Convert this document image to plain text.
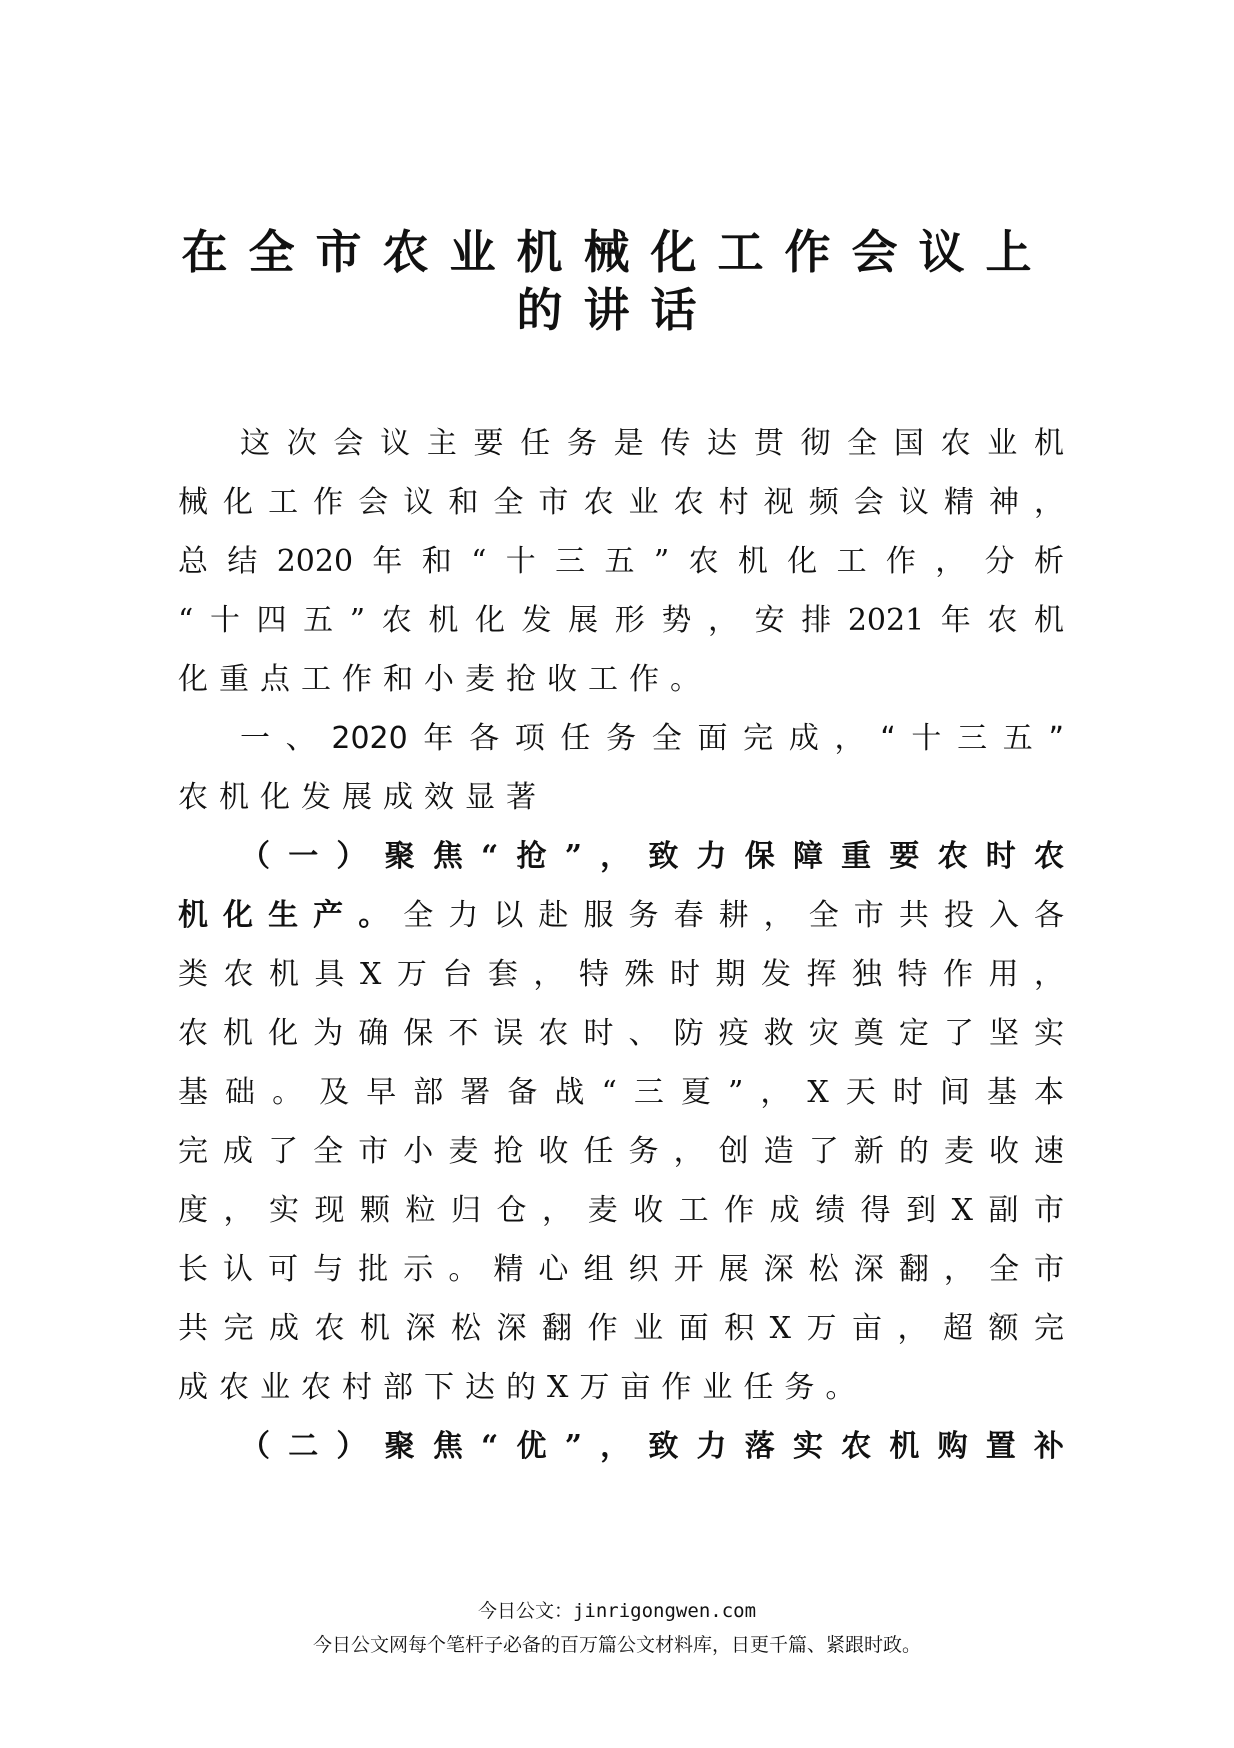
在全市农业机械化工作会议上

的讲话

这次会议主要任务是传达贯彻全国农业机
械化工作会议和全市农业农村视频会议精神，
总结2020年和“十三五”农机化工作，分析
“十四五”农机化发展形势，安排2021年农机
化重点工作和小麦抢收工作。
一、2020年各项任务全面完成，“十三五”
农机化发展成效显著
（一）聚焦“抢”，致力保障重要农时农
机化生产。全力以赴服务春耕，全市共投入各
类农机具X万台套，特殊时期发挥独特作用，
农机化为确保不误农时、防疫救灾奠定了坚实
基础。及早部署备战“三夏”，X天时间基本
完成了全市小麦抢收任务，创造了新的麦收速
度，实现颗粒归仓，麦收工作成绩得到X副市
长认可与批示。精心组织开展深松深翻，全市
共完成农机深松深翻作业面积X万亩，超额完
成农业农村部下达的X万亩作业任务。
（二）聚焦“优”，致力落实农机购置补
今日公文：jinrigongwen.com
今日公文网每个笔杆子必备的百万篇公文材料库，日更千篇、紧跟时政。
